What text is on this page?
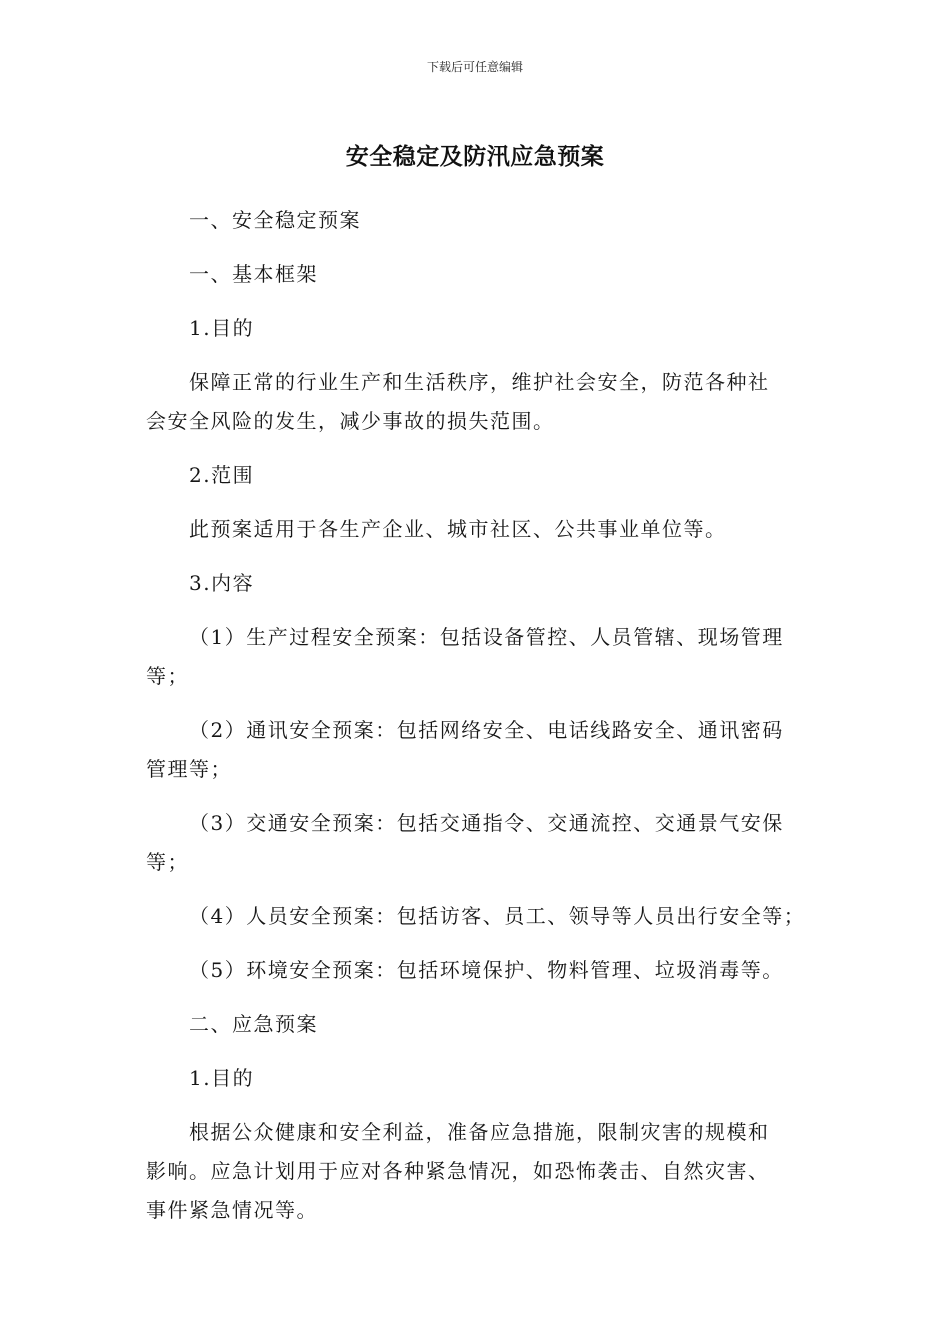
下载后可任意编辑
安全稳定及防汛应急预案
一、安全稳定预案
一、基本框架
1.目的
保障正常的行业生产和生活秩序，维护社会安全，防范各种社
会安全风险的发生，减少事故的损失范围。
2.范围
此预案适用于各生产企业、城市社区、公共事业单位等。
3.内容
（1）生产过程安全预案：包括设备管控、人员管辖、现场管理
等；
（2）通讯安全预案：包括网络安全、电话线路安全、通讯密码
管理等；
（3）交通安全预案：包括交通指令、交通流控、交通景气安保
等；
（4）人员安全预案：包括访客、员工、领导等人员出行安全等；
（5）环境安全预案：包括环境保护、物料管理、垃圾消毒等。
二、应急预案
1.目的
根据公众健康和安全利益，准备应急措施，限制灾害的规模和
影响。应急计划用于应对各种紧急情况，如恐怖袭击、自然灾害、
事件紧急情况等。
